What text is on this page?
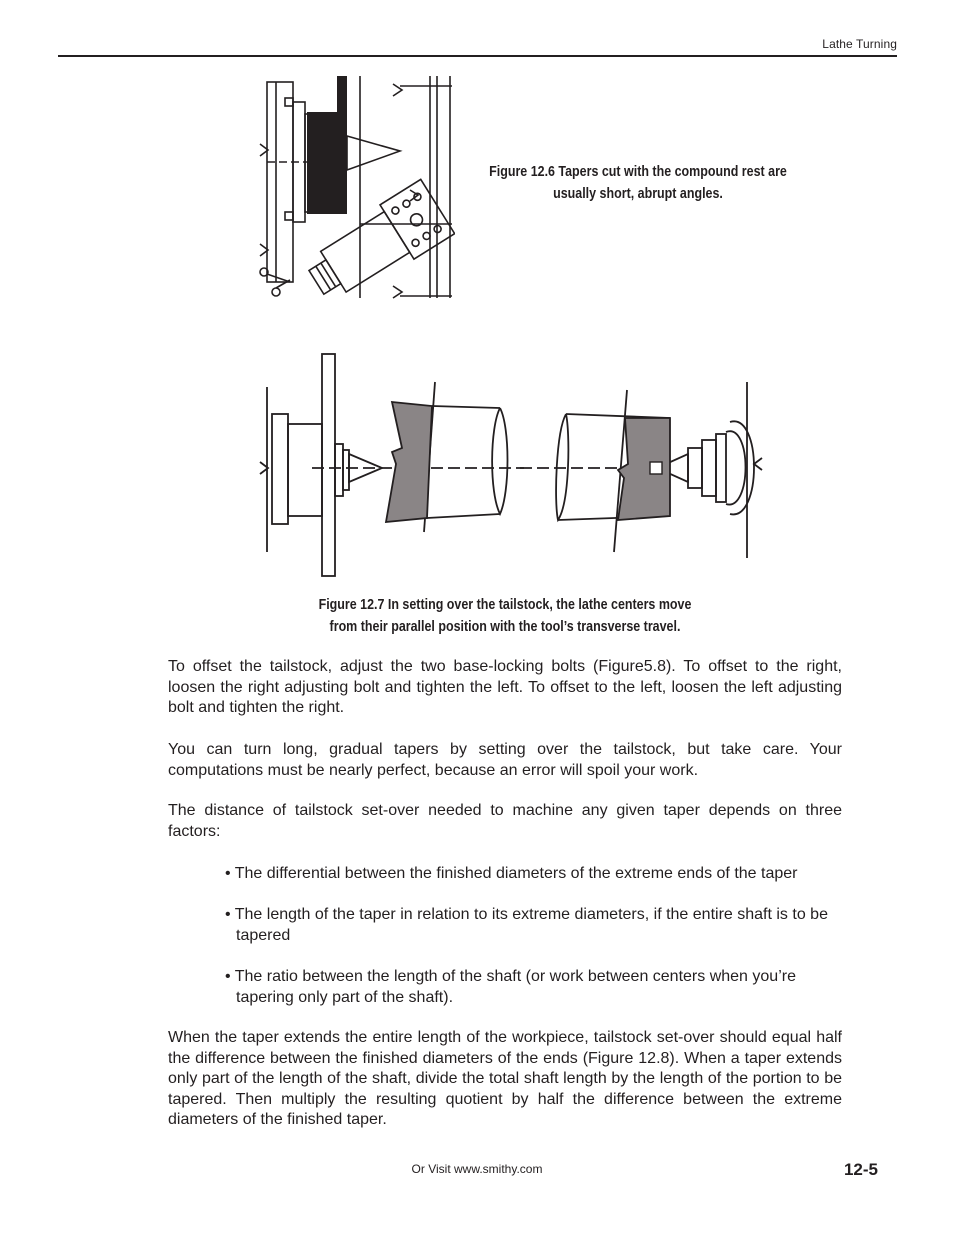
Lathe Turning
Figure 12.6 Tapers cut with the compound rest are
usually short, abrupt angles.
Figure 12.7 In setting over the tailstock, the lathe centers move
from their parallel position with the tool’s transverse travel.
To offset the tailstock, adjust the two base-locking bolts (Figure5.8). To offset to the right, loosen the right adjusting bolt and tighten the left. To offset to the left, loosen the left adjusting bolt and tighten the right.
You can turn long, gradual tapers by setting over the tailstock, but take care. Your computations must be nearly perfect, because an error will spoil your work.
The distance of tailstock set-over needed to machine any given taper depends on three factors:
• The differential between the finished diameters of the extreme ends of the taper
• The length of the taper in relation to its extreme diameters, if the entire shaft is to be tapered
• The ratio between the length of the shaft (or work between centers when you’re tapering only part of the shaft).
When the taper extends the entire length of the workpiece, tailstock set-over should equal half the difference between the finished diameters of the ends (Figure 12.8). When a taper extends only part of the length of the shaft, divide the total shaft length by the length of the portion to be tapered. Then multiply the resulting quotient by half the difference between the extreme diameters of the finished taper.
Or Visit www.smithy.com	12-5
